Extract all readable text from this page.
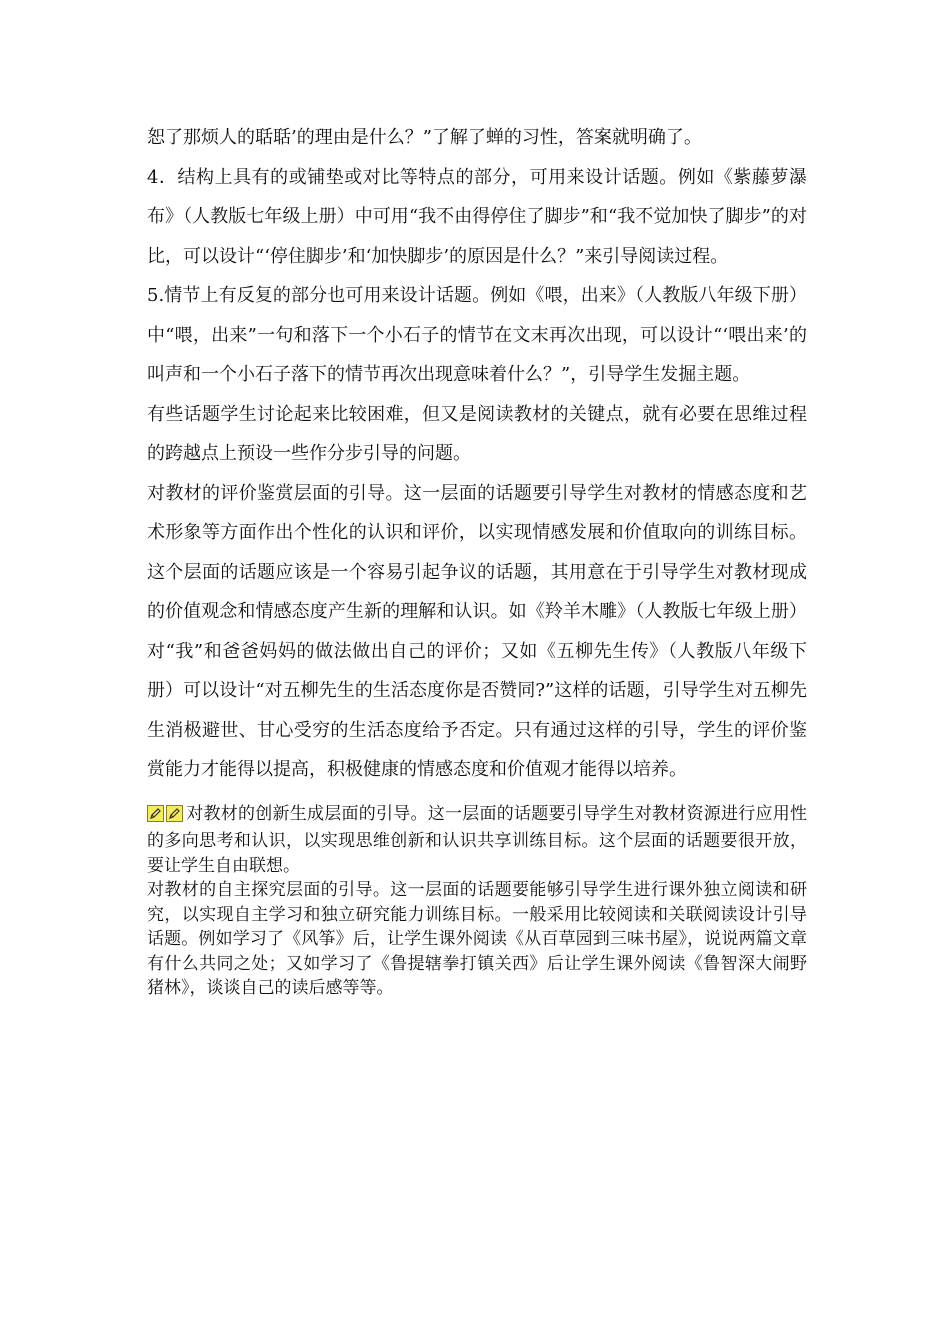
恕了那烦人的聒聒’的理由是什么？”了解了蝉的习性，答案就明确了。

4．结构上具有的或铺垫或对比等特点的部分，可用来设计话题。例如《紫藤萝瀑布》（人教版七年级上册）中可用“我不由得停住了脚步”和“我不觉加快了脚步”的对比，可以设计“‘停住脚步’和‘加快脚步’的原因是什么？”来引导阅读过程。

5.情节上有反复的部分也可用来设计话题。例如《喂，出来》（人教版八年级下册）中“喂，出来”一句和落下一个小石子的情节在文末再次出现，可以设计“‘喂出来’的叫声和一个小石子落下的情节再次出现意味着什么？”，引导学生发掘主题。

有些话题学生讨论起来比较困难，但又是阅读教材的关键点，就有必要在思维过程的跨越点上预设一些作分步引导的问题。

对教材的评价鉴赏层面的引导。这一层面的话题要引导学生对教材的情感态度和艺术形象等方面作出个性化的认识和评价，以实现情感发展和价值取向的训练目标。这个层面的话题应该是一个容易引起争议的话题，其用意在于引导学生对教材现成的价值观念和情感态度产生新的理解和认识。如《羚羊木雕》（人教版七年级上册）对“我”和爸爸妈妈的做法做出自己的评价；又如《五柳先生传》（人教版八年级下册）可以设计“对五柳先生的生活态度你是否赞同?”这样的话题，引导学生对五柳先生消极避世、甘心受穷的生活态度给予否定。只有通过这样的引导，学生的评价鉴赏能力才能得以提高，积极健康的情感态度和价值观才能得以培养。

对教材的创新生成层面的引导。这一层面的话题要引导学生对教材资源进行应用性的多向思考和认识，以实现思维创新和认识共享训练目标。这个层面的话题要很开放，要让学生自由联想。

对教材的自主探究层面的引导。这一层面的话题要能够引导学生进行课外独立阅读和研究，以实现自主学习和独立研究能力训练目标。一般采用比较阅读和关联阅读设计引导话题。例如学习了《风筝》后，让学生课外阅读《从百草园到三味书屋》，说说两篇文章有什么共同之处；又如学习了《鲁提辖拳打镇关西》后让学生课外阅读《鲁智深大闹野猪林》，谈谈自己的读后感等等。
